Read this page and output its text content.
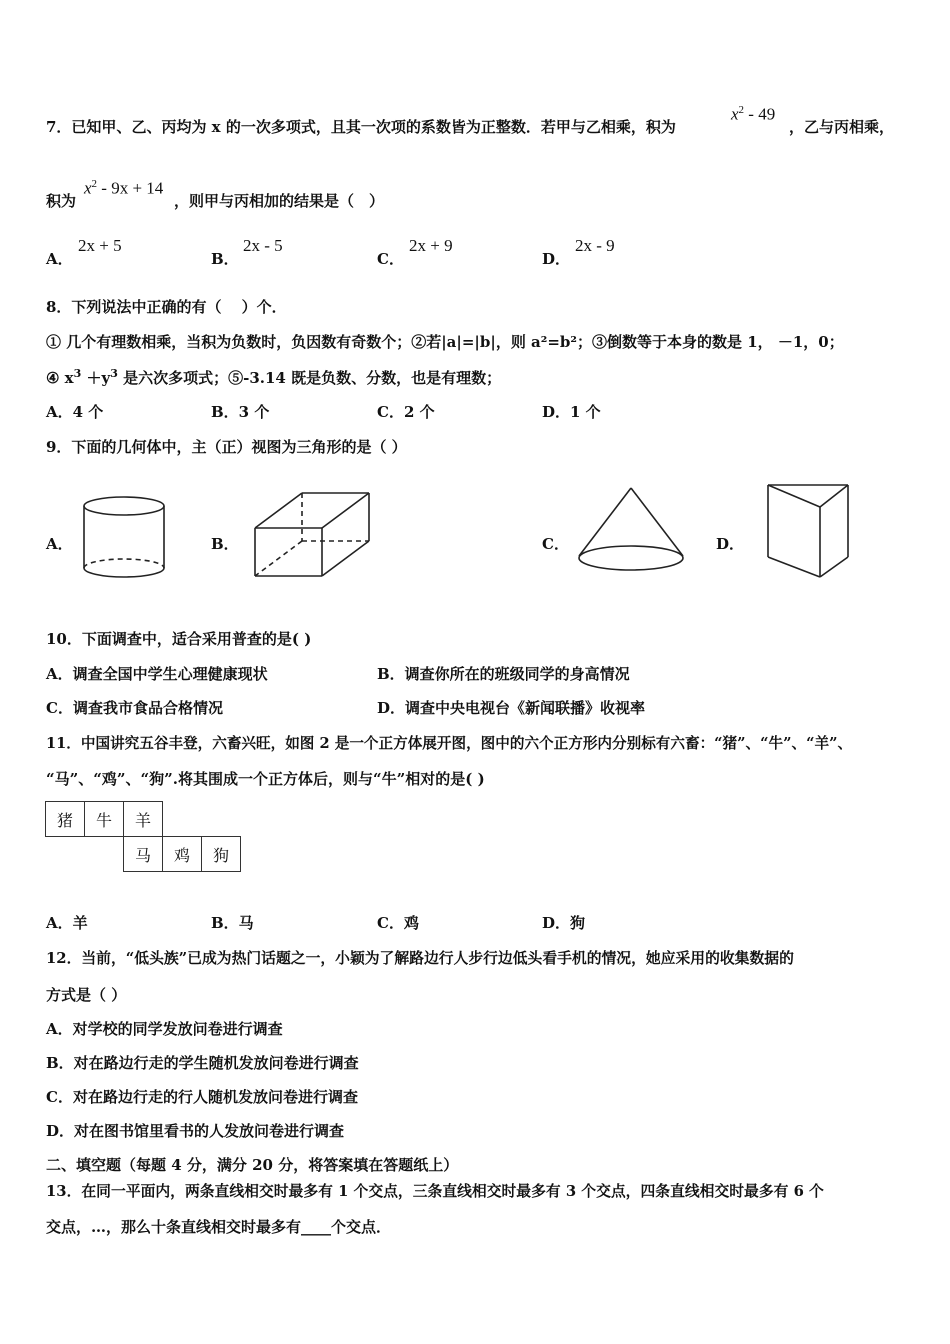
7．已知甲、乙、丙均为 x 的一次多项式，且其一次项的系数皆为正整数．若甲与乙相乘，积为
$x^2 - 49$
，乙与丙相乘，
积为
$x^2 - 9x + 14$
，则甲与丙相加的结果是（　）
A．
2x + 5
B．
2x - 5
C．
2x + 9
D．
2x - 9
8．下列说法中正确的有（　 ）个．
① 几个有理数相乘，当积为负数时，负因数有奇数个；②若|a|=|b|，则 a²=b²；③倒数等于本身的数是 1， －1，0；
④ $x^3 +y^3$ 是六次多项式；⑤-3.14 既是负数、分数，也是有理数；
A．4 个	B．3 个	C．2 个	D．1 个
9．下面的几何体中，主（正）视图为三角形的是（ ）
A．	B．	C．	D．
10．下面调查中，适合采用普查的是( )
A．调查全国中学生心理健康现状	B．调查你所在的班级同学的身高情况
C．调查我市食品合格情况	D．调查中央电视台《新闻联播》收视率
11．中国讲究五谷丰登，六畜兴旺，如图 2 是一个正方体展开图，图中的六个正方形内分别标有六畜：“猪”、“牛”、“羊”、
“马”、“鸡”、“狗”.将其围成一个正方体后，则与“牛”相对的是( )
猪	牛	羊		
		马	鸡	狗
A．羊	B．马	C．鸡	D．狗
12．当前，“低头族”已成为热门话题之一，小颖为了解路边行人步行边低头看手机的情况，她应采用的收集数据的
方式是（ ）
A．对学校的同学发放问卷进行调查
B．对在路边行走的学生随机发放问卷进行调查
C．对在路边行走的行人随机发放问卷进行调查
D．对在图书馆里看书的人发放问卷进行调查
二、填空题（每题 4 分，满分 20 分，将答案填在答题纸上）
13．在同一平面内，两条直线相交时最多有 1 个交点，三条直线相交时最多有 3 个交点，四条直线相交时最多有 6 个
交点，…，那么十条直线相交时最多有____个交点．
